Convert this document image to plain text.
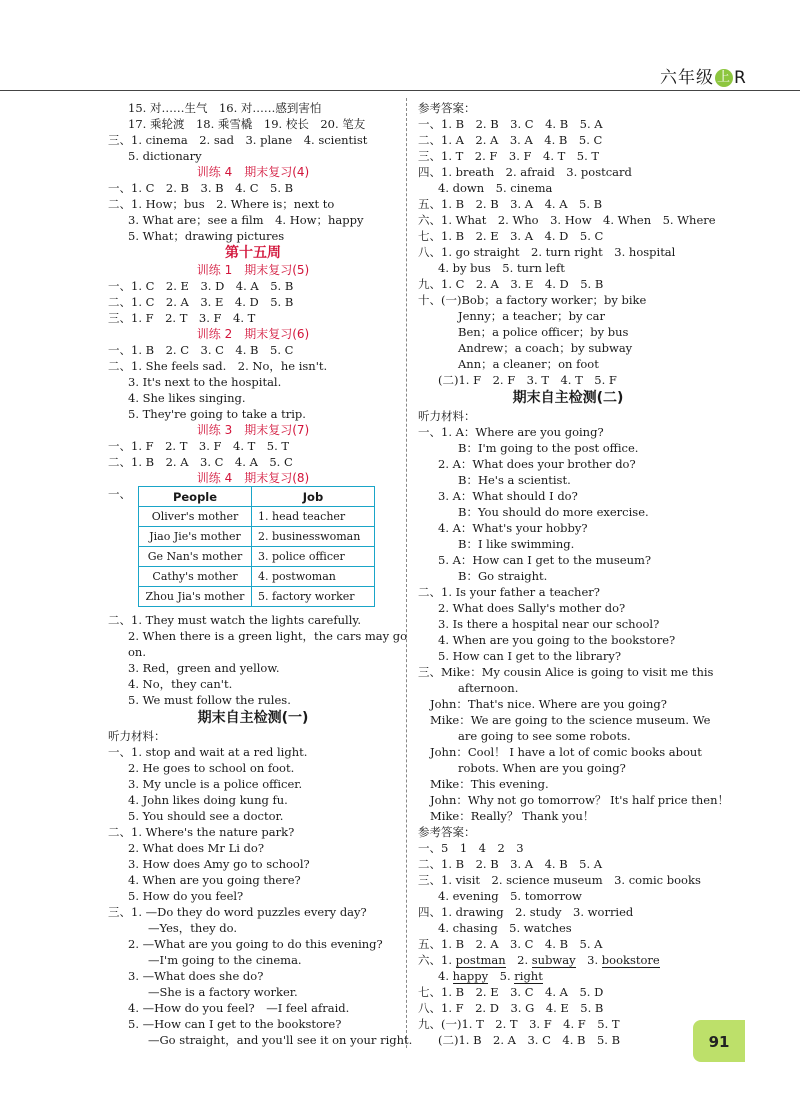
六年级 上 R
15. 对……生气　16. 对……感到害怕
17. 乘轮渡　18. 乘雪橇　19. 校长　20. 笔友
三、1. cinema　2. sad　3. plane　4. scientist
5. dictionary
训练 4　期末复习(4)
一、1. C　2. B　3. B　4. C　5. B
二、1. How；bus　2. Where is；next to
3. What are；see a film　4. How；happy
5. What；drawing pictures
第十五周
训练 1　期末复习(5)
一、1. C　2. E　3. D　4. A　5. B
二、1. C　2. A　3. E　4. D　5. B
三、1. F　2. T　3. F　4. T
训练 2　期末复习(6)
一、1. B　2. C　3. C　4. B　5. C
二、1. She feels sad.　2. No，he isn't.
3. It's next to the hospital.
4. She likes singing.
5. They're going to take a trip.
训练 3　期末复习(7)
一、1. F　2. T　3. F　4. T　5. T
二、1. B　2. A　3. C　4. A　5. C
训练 4　期末复习(8)
一、	People	Job
Oliver's mother	1. head teacher
Jiao Jie's mother	2. businesswoman
Ge Nan's mother	3. police officer
Cathy's mother	4. postwoman
Zhou Jia's mother	5. factory worker
二、1. They must watch the lights carefully.
2. When there is a green light，the cars may go
on.
3. Red，green and yellow.
4. No，they can't.
5. We must follow the rules.
期末自主检测(一)
听力材料：
一、1. stop and wait at a red light.
2. He goes to school on foot.
3. My uncle is a police officer.
4. John likes doing kung fu.
5. You should see a doctor.
二、1. Where's the nature park?
2. What does Mr Li do?
3. How does Amy go to school?
4. When are you going there?
5. How do you feel?
三、1. —Do they do word puzzles every day?
—Yes，they do.
2. —What are you going to do this evening?
—I'm going to the cinema.
3. —What does she do?
—She is a factory worker.
4. —How do you feel?　—I feel afraid.
5. —How can I get to the bookstore?
—Go straight，and you'll see it on your right.
参考答案：
一、1. B　2. B　3. C　4. B　5. A
二、1. A　2. A　3. A　4. B　5. C
三、1. T　2. F　3. F　4. T　5. T
四、1. breath　2. afraid　3. postcard
4. down　5. cinema
五、1. B　2. B　3. A　4. A　5. B
六、1. What　2. Who　3. How　4. When　5. Where
七、1. B　2. E　3. A　4. D　5. C
八、1. go straight　2. turn right　3. hospital
4. by bus　5. turn left
九、1. C　2. A　3. E　4. D　5. B
十、(一)Bob；a factory worker；by bike
Jenny；a teacher；by car
Ben；a police officer；by bus
Andrew；a coach；by subway
Ann；a cleaner；on foot
(二)1. F　2. F　3. T　4. T　5. F
期末自主检测(二)
听力材料：
一、1. A：Where are you going?
B：I'm going to the post office.
2. A：What does your brother do?
B：He's a scientist.
3. A：What should I do?
B：You should do more exercise.
4. A：What's your hobby?
B：I like swimming.
5. A：How can I get to the museum?
B：Go straight.
二、1. Is your father a teacher?
2. What does Sally's mother do?
3. Is there a hospital near our school?
4. When are you going to the bookstore?
5. How can I get to the library?
三、Mike：My cousin Alice is going to visit me this
afternoon.
John：That's nice. Where are you going?
Mike：We are going to the science museum. We
are going to see some robots.
John：Cool！ I have a lot of comic books about
robots. When are you going?
Mike：This evening.
John：Why not go tomorrow？ It's half price then！
Mike：Really？ Thank you！
参考答案：
一、5　1　4　2　3
二、1. B　2. B　3. A　4. B　5. A
三、1. visit　2. science museum　3. comic books
4. evening　5. tomorrow
四、1. drawing　2. study　3. worried
4. chasing　5. watches
五、1. B　2. A　3. C　4. B　5. A
六、1. postman　2. subway　3. bookstore
4. happy　5. right
七、1. B　2. E　3. C　4. A　5. D
八、1. F　2. D　3. G　4. E　5. B
九、(一)1. T　2. T　3. F　4. F　5. T
(二)1. B　2. A　3. C　4. B　5. B	91
